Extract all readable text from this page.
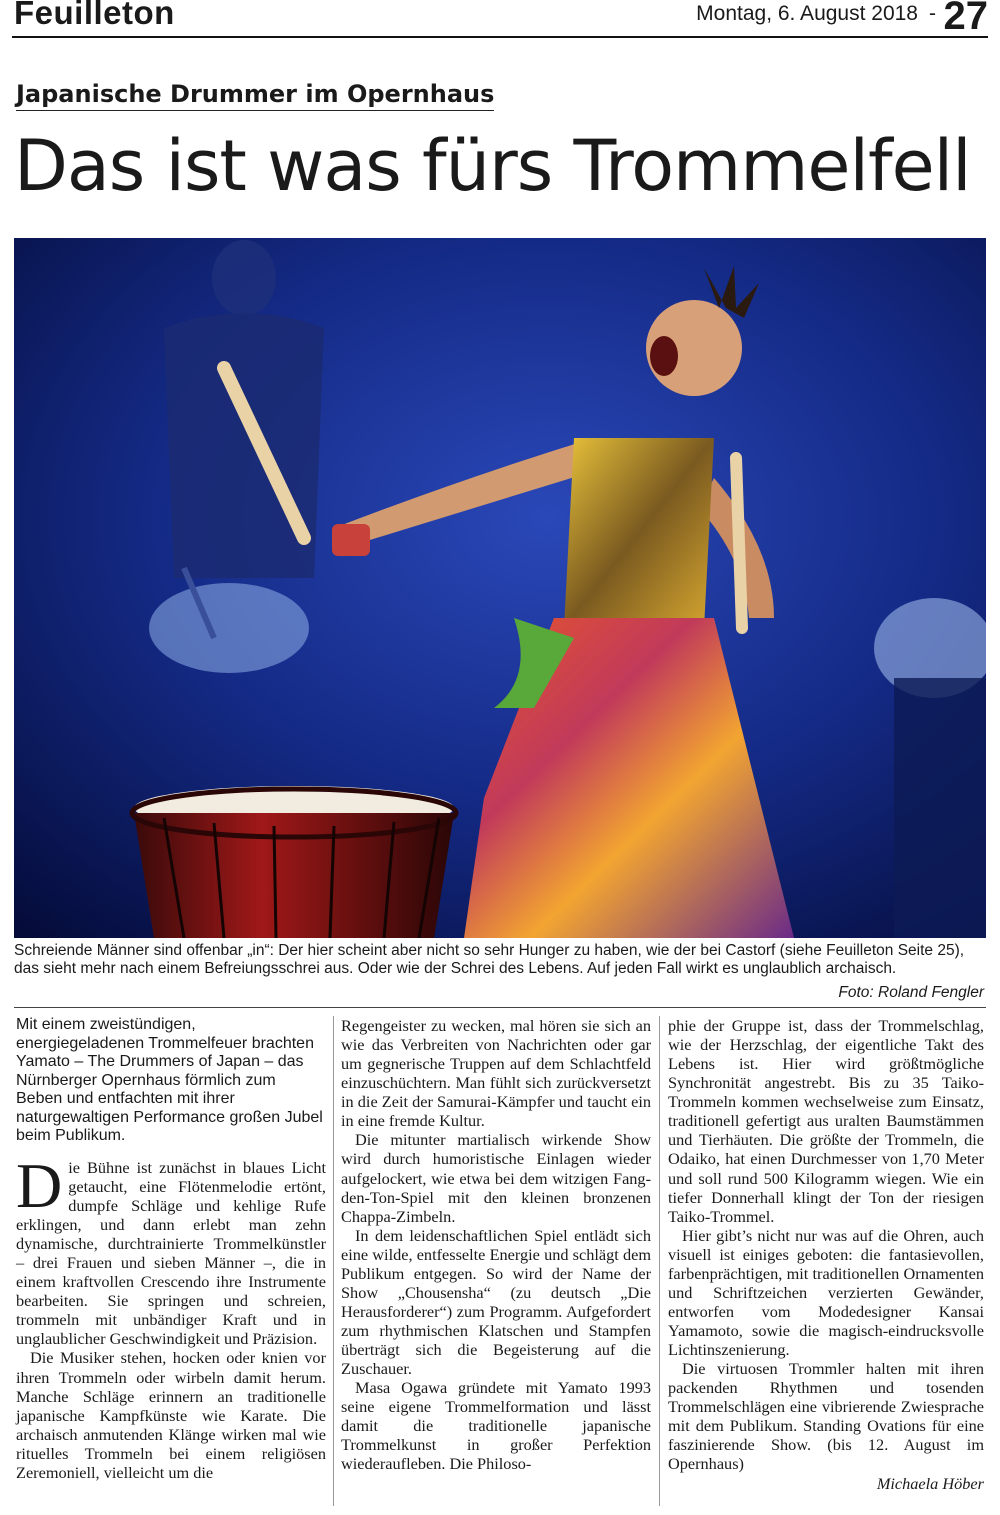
Feuilleton	Montag, 6. August 2018 - 27
Japanische Drummer im Opernhaus
Das ist was fürs Trommelfell
Schreiende Männer sind offenbar „in“: Der hier scheint aber nicht so sehr Hunger zu haben, wie der bei Castorf (siehe Feuilleton Seite 25), das sieht mehr nach einem Befreiungsschrei aus. Oder wie der Schrei des Lebens. Auf jeden Fall wirkt es unglaublich archaisch.
Foto: Roland Fengler

Mit einem zweistündigen, energiegeladenen Trommelfeuer brachten Yamato – The Drummers of Japan – das Nürnberger Opernhaus förmlich zum Beben und entfachten mit ihrer naturgewaltigen Performance großen Jubel beim Publikum.

Die Bühne ist zunächst in blaues Licht getaucht, eine Flötenmelodie ertönt, dumpfe Schläge und kehlige Rufe erklingen, und dann erlebt man zehn dynamische, durchtrainierte Trommelkünstler – drei Frauen und sieben Männer –, die in einem kraftvollen Crescendo ihre Instrumente bearbeiten. Sie springen und schreien, trommeln mit unbändiger Kraft und in unglaublicher Geschwindigkeit und Präzision.

Die Musiker stehen, hocken oder knien vor ihren Trommeln oder wirbeln damit herum. Manche Schläge erinnern an traditionelle japanische Kampfkünste wie Karate. Die archaisch anmutenden Klänge wirken mal wie rituelles Trommeln bei einem religiösen Zeremoniell, vielleicht um die

Regengeister zu wecken, mal hören sie sich an wie das Verbreiten von Nachrichten oder gar um gegnerische Truppen auf dem Schlachtfeld einzuschüchtern. Man fühlt sich zurückversetzt in die Zeit der Samurai-Kämpfer und taucht ein in eine fremde Kultur.

Die mitunter martialisch wirkende Show wird durch humoristische Einlagen wieder aufgelockert, wie etwa bei dem witzigen Fang-den-Ton-Spiel mit den kleinen bronzenen Chappa-Zimbeln.

In dem leidenschaftlichen Spiel entlädt sich eine wilde, entfesselte Energie und schlägt dem Publikum entgegen. So wird der Name der Show „Chousensha“ (zu deutsch „Die Herausforderer“) zum Programm. Aufgefordert zum rhythmischen Klatschen und Stampfen überträgt sich die Begeisterung auf die Zuschauer.

Masa Ogawa gründete mit Yamato 1993 seine eigene Trommelformation und lässt damit die traditionelle japanische Trommelkunst in großer Perfektion wiederaufleben. Die Philoso-

phie der Gruppe ist, dass der Trommelschlag, wie der Herzschlag, der eigentliche Takt des Lebens ist. Hier wird größtmögliche Synchronität angestrebt. Bis zu 35 Taiko-Trommeln kommen wechselweise zum Einsatz, traditionell gefertigt aus uralten Baumstämmen und Tierhäuten. Die größte der Trommeln, die Odaiko, hat einen Durchmesser von 1,70 Meter und soll rund 500 Kilogramm wiegen. Wie ein tiefer Donnerhall klingt der Ton der riesigen Taiko-Trommel.

Hier gibt’s nicht nur was auf die Ohren, auch visuell ist einiges geboten: die fantasievollen, farbenprächtigen, mit traditionellen Ornamenten und Schriftzeichen verzierten Gewänder, entworfen vom Modedesigner Kansai Yamamoto, sowie die magisch-eindrucksvolle Lichtinszenierung.

Die virtuosen Trommler halten mit ihren packenden Rhythmen und tosenden Trommelschlägen eine vibrierende Zwiesprache mit dem Publikum. Standing Ovations für eine faszinierende Show. (bis 12. August im Opernhaus)

Michaela Höber
